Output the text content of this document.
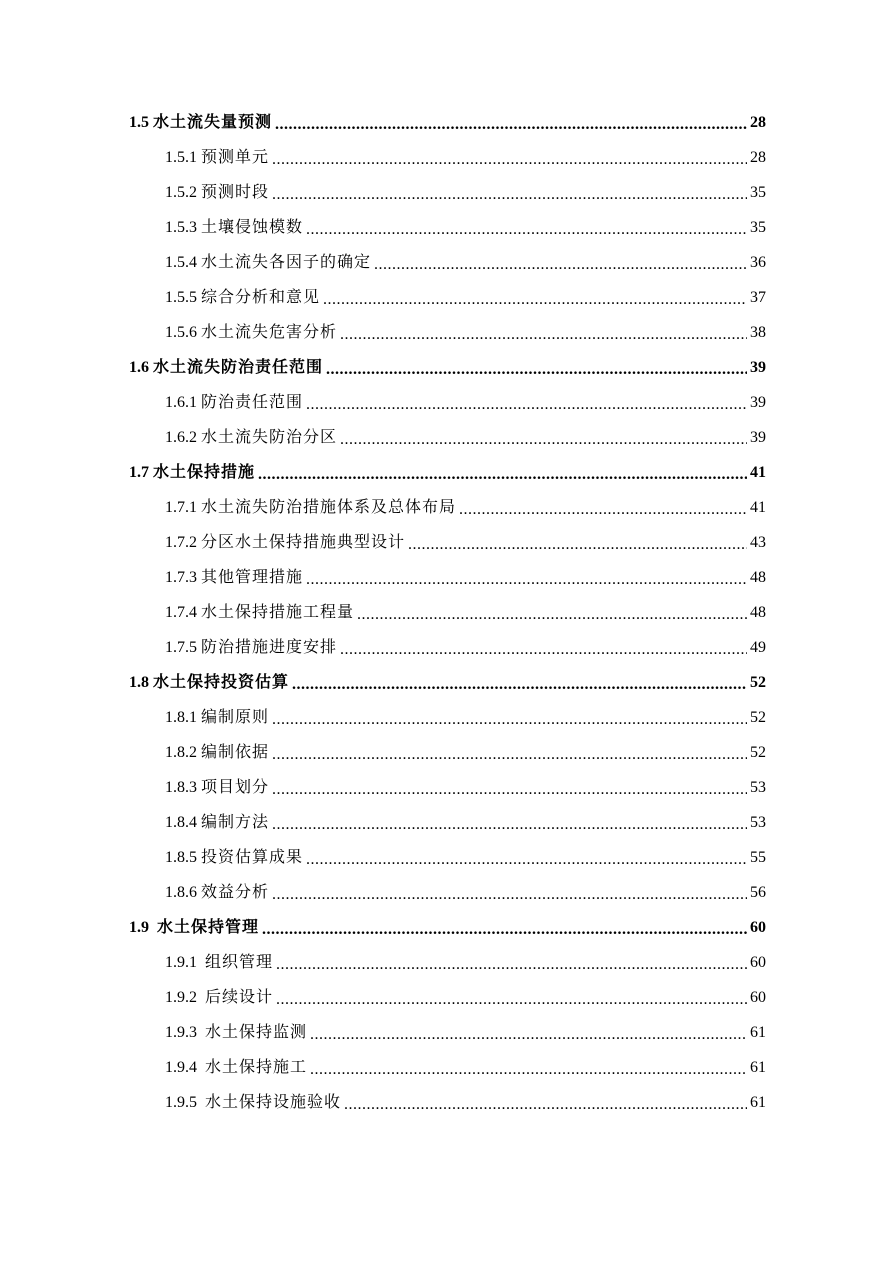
1.5 水土流失量预测 .....	28
1.5.1 预测单元 .....	28
1.5.2 预测时段 .....	35
1.5.3 土壤侵蚀模数 .....	35
1.5.4 水土流失各因子的确定 .....	36
1.5.5 综合分析和意见 .....	37
1.5.6 水土流失危害分析 .....	38
1.6 水土流失防治责任范围 .....	39
1.6.1 防治责任范围 .....	39
1.6.2 水土流失防治分区 .....	39
1.7 水土保持措施 .....	41
1.7.1 水土流失防治措施体系及总体布局 .....	41
1.7.2 分区水土保持措施典型设计 .....	43
1.7.3 其他管理措施 .....	48
1.7.4 水土保持措施工程量 .....	48
1.7.5 防治措施进度安排 .....	49
1.8 水土保持投资估算 .....	52
1.8.1 编制原则 .....	52
1.8.2 编制依据 .....	52
1.8.3 项目划分 .....	53
1.8.4 编制方法 .....	53
1.8.5 投资估算成果 .....	55
1.8.6 效益分析 .....	56
1.9 水土保持管理 .....	60
1.9.1 组织管理 .....	60
1.9.2 后续设计 .....	60
1.9.3 水土保持监测 .....	61
1.9.4 水土保持施工 .....	61
1.9.5 水土保持设施验收 .....	61
